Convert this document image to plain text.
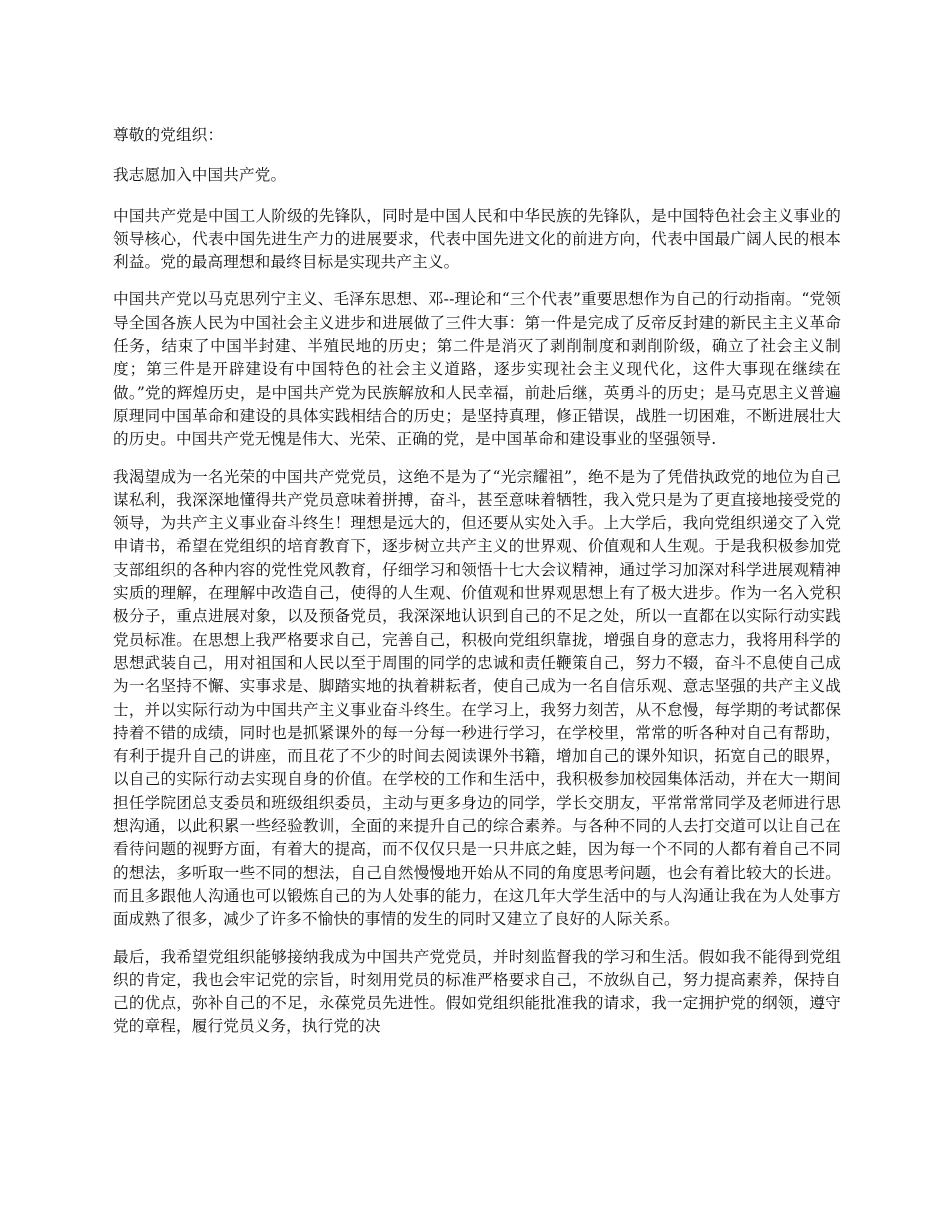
尊敬的党组织：

我志愿加入中国共产党。

中国共产党是中国工人阶级的先锋队，同时是中国人民和中华民族的先锋队，是中国特色社会主义事业的领导核心，代表中国先进生产力的进展要求，代表中国先进文化的前进方向，代表中国最广阔人民的根本利益。党的最高理想和最终目标是实现共产主义。

中国共产党以马克思列宁主义、毛泽东思想、邓--理论和“三个代表”重要思想作为自己的行动指南。“党领导全国各族人民为中国社会主义进步和进展做了三件大事：第一件是完成了反帝反封建的新民主主义革命任务，结束了中国半封建、半殖民地的历史；第二件是消灭了剥削制度和剥削阶级，确立了社会主义制度；第三件是开辟建设有中国特色的社会主义道路，逐步实现社会主义现代化，这件大事现在继续在做。”党的辉煌历史，是中国共产党为民族解放和人民幸福，前赴后继，英勇斗的历史；是马克思主义普遍原理同中国革命和建设的具体实践相结合的历史；是坚持真理，修正错误，战胜一切困难，不断进展壮大的历史。中国共产党无愧是伟大、光荣、正确的党，是中国革命和建设事业的坚强领导.

我渴望成为一名光荣的中国共产党党员，这绝不是为了“光宗耀祖”，绝不是为了凭借执政党的地位为自己谋私利，我深深地懂得共产党员意味着拼搏，奋斗，甚至意味着牺牲，我入党只是为了更直接地接受党的领导，为共产主义事业奋斗终生！理想是远大的，但还要从实处入手。上大学后，我向党组织递交了入党申请书，希望在党组织的培育教育下，逐步树立共产主义的世界观、价值观和人生观。于是我积极参加党支部组织的各种内容的党性党风教育，仔细学习和领悟十七大会议精神，通过学习加深对科学进展观精神实质的理解，在理解中改造自己，使得的人生观、价值观和世界观思想上有了极大进步。作为一名入党积极分子，重点进展对象，以及预备党员，我深深地认识到自己的不足之处，所以一直都在以实际行动实践党员标准。在思想上我严格要求自己，完善自己，积极向党组织靠拢，增强自身的意志力，我将用科学的思想武装自己，用对祖国和人民以至于周围的同学的忠诚和责任鞭策自己，努力不辍，奋斗不息使自己成为一名坚持不懈、实事求是、脚踏实地的执着耕耘者，使自己成为一名自信乐观、意志坚强的共产主义战士，并以实际行动为中国共产主义事业奋斗终生。在学习上，我努力刻苦，从不怠慢，每学期的考试都保持着不错的成绩，同时也是抓紧课外的每一分每一秒进行学习，在学校里，常常的听各种对自己有帮助，有利于提升自己的讲座，而且花了不少的时间去阅读课外书籍，增加自己的课外知识，拓宽自己的眼界，以自己的实际行动去实现自身的价值。在学校的工作和生活中，我积极参加校园集体活动，并在大一期间担任学院团总支委员和班级组织委员，主动与更多身边的同学，学长交朋友，平常常常同学及老师进行思想沟通，以此积累一些经验教训，全面的来提升自己的综合素养。与各种不同的人去打交道可以让自己在看待问题的视野方面，有着大的提高，而不仅仅只是一只井底之蛙，因为每一个不同的人都有着自己不同的想法，多听取一些不同的想法，自己自然慢慢地开始从不同的角度思考问题，也会有着比较大的长进。而且多跟他人沟通也可以锻炼自己的为人处事的能力，在这几年大学生活中的与人沟通让我在为人处事方面成熟了很多，减少了许多不愉快的事情的发生的同时又建立了良好的人际关系。

最后，我希望党组织能够接纳我成为中国共产党党员，并时刻监督我的学习和生活。假如我不能得到党组织的肯定，我也会牢记党的宗旨，时刻用党员的标准严格要求自己，不放纵自己，努力提高素养，保持自己的优点，弥补自己的不足，永葆党员先进性。假如党组织能批准我的请求，我一定拥护党的纲领，遵守党的章程，履行党员义务，执行党的决
